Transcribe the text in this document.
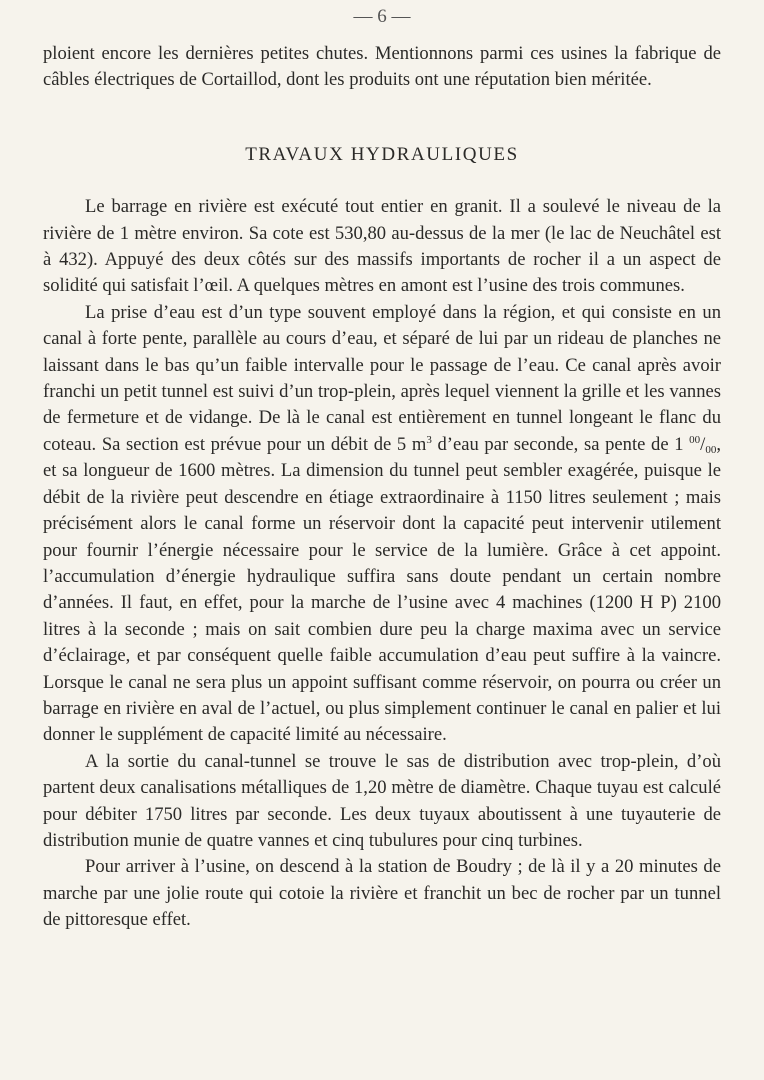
— 6 —

ploient encore les dernières petites chutes. Mentionnons parmi ces usines la fabrique de câbles électriques de Cortaillod, dont les produits ont une réputation bien méritée.

TRAVAUX HYDRAULIQUES

Le barrage en rivière est exécuté tout entier en granit. Il a soulevé le niveau de la rivière de 1 mètre environ. Sa cote est 530,80 au-dessus de la mer (le lac de Neuchâtel est à 432). Appuyé des deux côtés sur des massifs importants de rocher il a un aspect de solidité qui satisfait l’œil. A quelques mètres en amont est l’usine des trois communes.

La prise d’eau est d’un type souvent employé dans la région, et qui consiste en un canal à forte pente, parallèle au cours d’eau, et séparé de lui par un rideau de planches ne laissant dans le bas qu’un faible intervalle pour le passage de l’eau. Ce canal après avoir franchi un petit tunnel est suivi d’un trop-plein, après lequel viennent la grille et les vannes de fermeture et de vidange. De là le canal est entièrement en tunnel longeant le flanc du coteau. Sa section est prévue pour un débit de 5 $m^3$ d’eau par seconde, sa pente de 1 $^{00}/_{00}$, et sa longueur de 1600 mètres. La dimension du tunnel peut sembler exagérée, puisque le débit de la rivière peut descendre en étiage extraordinaire à 1150 litres seulement ; mais précisément alors le canal forme un réservoir dont la capacité peut intervenir utilement pour fournir l’énergie nécessaire pour le service de la lumière. Grâce à cet appoint. l’accumulation d’énergie hydraulique suffira sans doute pendant un certain nombre d’années. Il faut, en effet, pour la marche de l’usine avec 4 machines (1200 H P) 2100 litres à la seconde ; mais on sait combien dure peu la charge maxima avec un service d’éclairage, et par conséquent quelle faible accumulation d’eau peut suffire à la vaincre. Lorsque le canal ne sera plus un appoint suffisant comme réservoir, on pourra ou créer un barrage en rivière en aval de l’actuel, ou plus simplement continuer le canal en palier et lui donner le supplément de capacité limité au nécessaire.

A la sortie du canal-tunnel se trouve le sas de distribution avec trop-plein, d’où partent deux canalisations métalliques de 1,20 mètre de diamètre. Chaque tuyau est calculé pour débiter 1750 litres par seconde. Les deux tuyaux aboutissent à une tuyauterie de distribution munie de quatre vannes et cinq tubulures pour cinq turbines.

Pour arriver à l’usine, on descend à la station de Boudry ; de là il y a 20 minutes de marche par une jolie route qui cotoie la rivière et franchit un bec de rocher par un tunnel de pittoresque effet.
